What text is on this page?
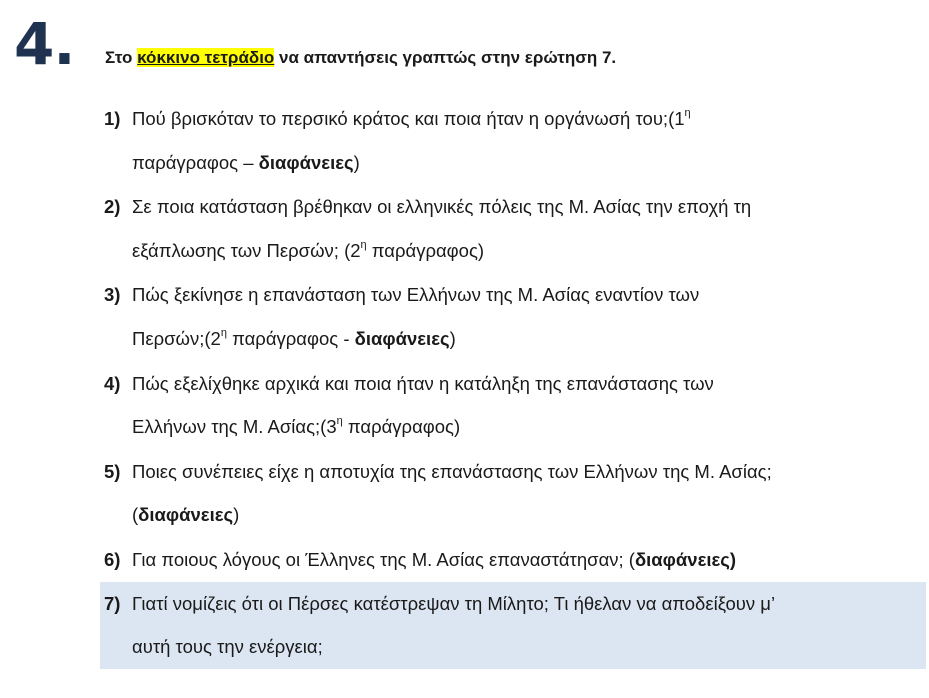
4. Στο κόκκινο τετράδιο να απαντήσεις γραπτώς στην ερώτηση 7.
1) Πού βρισκόταν το περσικό κράτος και ποια ήταν η οργάνωσή $\tau o\upsilon;(1^\eta$
παράγραφος – διαφάνειες)
2) Σε ποια κατάσταση βρέθηκαν οι ελληνικές πόλεις της Μ. Ασίας την εποχή τη
εξάπλωσης των Περσών; ($2^\eta$ παράγραφος)
3) Πώς ξεκίνησε η επανάσταση των Ελλήνων της Μ. Ασίας εναντίον των
$\Pi\varepsilon\rho\sigma ώ\nu;(2^\eta$ παράγραφος - διαφάνειες)
4) Πώς εξελίχθηκε αρχικά και ποια ήταν η κατάληξη της επανάστασης των
Ελλήνων της Μ. $A\sigma ί\alpha\varsigma;(3^\eta$ παράγραφος)
5) Ποιες συνέπειες είχε η αποτυχία της επανάστασης των Ελλήνων της Μ. Ασίας;
(διαφάνειες)
6) Για ποιους λόγους οι Έλληνες της Μ. Ασίας επαναστάτησαν; (διαφάνειες)
7) Γιατί νομίζεις ότι οι Πέρσες κατέστρεψαν τη Μίλητο; Τι ήθελαν να αποδείξουν μ’
αυτή τους την ενέργεια;
